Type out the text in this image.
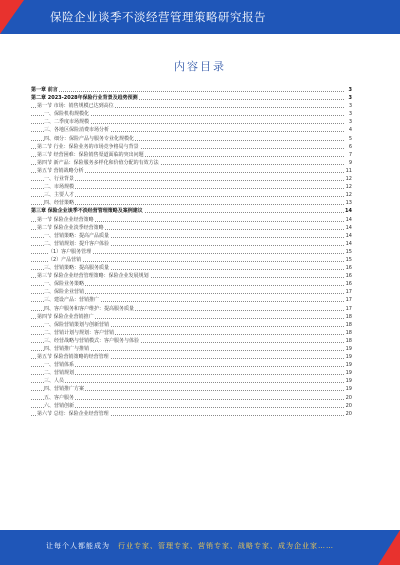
保险企业谈季不淡经营管理策略研究报告
内容目录
第一章 前言	3
第二章 2023-2028年保险行业背景及趋势预测	3
第一节 市场：销售规模已达到高位	3
一、保险机构规模化	3
二、二季度市场规模	3
三、各地区保险消费市场分析	4
四、细分：保险产品与服务专业化规模化	5
第二节 行业：保险业务的市场竞争格局与背景	6
第三节 经营困难：保险销售渠道面临的突出问题	7
第四节 新产品：保险服务多样化和价值分配的有效方法	9
第五节 营销战略分析	11
一、行业背景	12
二、市场规模	12
三、主要人才	12
四、经营策略	13
第三章 保险企业谈季不淡经营管理策略及案例建议	14
第一节 保险企业经营策略	14
第二节 保险企业淡季经营策略	14
一、营销策略：提高产品质量	14
二、营销规划：提升客户体验	14
（1）客户服务管理	15
（2）产品营销	15
三、营销策略：提高服务质量	16
第三节 保险企业经营管理策略：保险企业发展规划	16
一、保险业务策略	16
二、保险企业营销	17
三、建设产品：营销推广	17
四、客户服务和客户维护：提高服务质量	17
第四节 保险企业营销推广	18
一、保险营销策划与创新营销	18
二、营销计划与规划：客户营销	18
三、经营战略与营销模式：客户服务与体验	18
四、营销推广与推销	19
第五节 保险营销策略的经营管理	19
一、营销体系	19
二、营销规划	19
三、人员	19
四、营销推广方案	19
五、客户服务	20
六、营销创新	20
第六节 总结：保险企业经营管理	20
让每个人都能成为 行业专家、管理专家、营销专家、战略专家、成为企业家……
